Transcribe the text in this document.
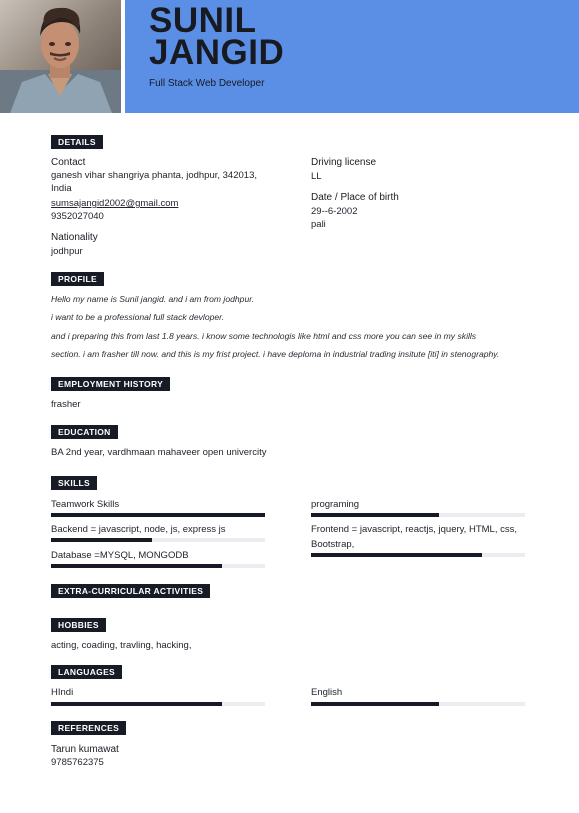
SUNIL
JANGID
Full Stack Web Developer
DETAILS
Contact
ganesh vihar shangriya phanta, jodhpur, 342013,
India
sumsajangid2002@gmail.com
9352027040
Nationality
jodhpur
Driving license
LL
Date / Place of birth
29--6-2002
pali
PROFILE
Hello my name is Sunil jangid. and i am from jodhpur.
i want to be a professional full stack devloper.
and i preparing this from last 1.8 years. i know some technologis like html and css more you can see in my skills
section. i am frasher till now. and this is my frist project. i have deploma in industrial trading insitute [iti] in stenography.
EMPLOYMENT HISTORY
frasher
EDUCATION
BA 2nd year, vardhmaan mahaveer open univercity
SKILLS
Teamwork Skills	programing
Backend = javascript, node, js, express js	Frontend = javascript, reactjs, jquery, HTML, css,
Bootstrap,
Database =MYSQL, MONGODB
EXTRA-CURRICULAR ACTIVITIES
HOBBIES
acting, coading, travling, hacking,
LANGUAGES
HIndi	English
REFERENCES
Tarun kumawat
9785762375
